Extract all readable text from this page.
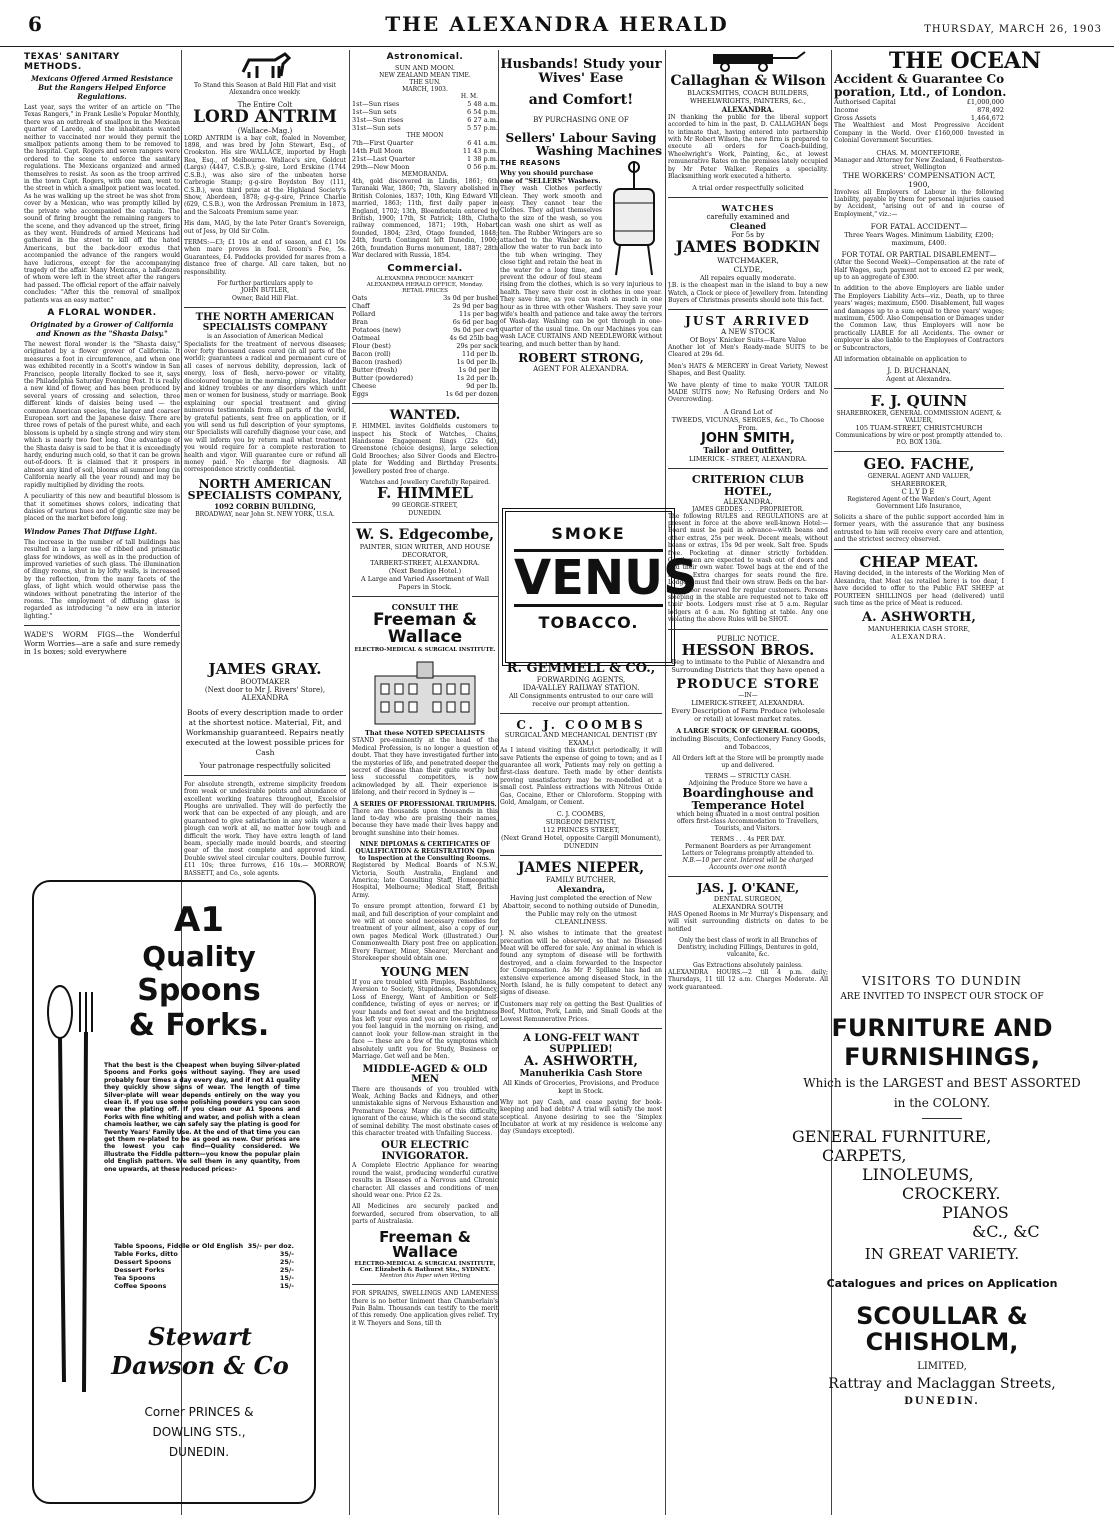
6	THE ALEXANDRA HERALD	THURSDAY, MARCH 26, 1903
TEXAS' SANITARY METHODS.
Mexicans Offered Armed Resistance But the Rangers Helped Enforce Regulations.

Last year, says the writer of an article on "The Texas Rangers," in Frank Leslie's Popular Monthly, there was an outbreak of smallpox in the Mexican quarter of Laredo, and the inhabitants wanted neither to vaccinated nor would they permit the smallpox patients among them to be removed to the hospital. Capt. Rogers and seven rangers were ordered to the scene to enforce the sanitary regulations. The Mexicans organized and armed themselves to resist. As soon as the troop arrived in the town Capt. Rogers, with one man, went to the street in which a smallpox patient was located. As he was walking up the street he was shot from cover by a Mexican, who was promptly killed by the private who accompanied the captain. The sound of firing brought the remaining rangers to the scene, and they advanced up the street, firing as they went. Hundreds of armed Mexicans had gathered in the street to kill off the hated Americans, but the back-door exodus that accompanied the advance of the rangers would have ludicrous, except for the accompanying tragedy of the affair. Many Mexicans, a half-dozen of whom were left in the street after the rangers had passed. The official report of the affair naively concludes: "After this the removal of smallpox patients was an easy matter."

A FLORAL WONDER.
Originated by a Grower of California and Known as the "Shasta Daisy."

The newest floral wonder is the "Shasta daisy," originated by a flower grower of California. It measures a foot in circumference, and when one was exhibited recently in a Scott's window in San Francisco, people literally flocked to see it, says the Philadelphia Saturday Evening Post. It is really a new kind of flower, and has been produced by several years of crossing and selection, three different kinds of daisies being used — the common American species, the larger and coarser European sort and the Japanese daisy. There are three rows of petals of the purest white, and each blossom is upheld by a single strong and wiry stem which is nearly two feet long. One advantage of the Shasta daisy is said to be that it is exceedingly hardy, enduring much cold, so that it can be grown out-of-doors. It is claimed that it prospers in almost any kind of soil, blooms all summer long (in California nearly all the year round) and may be rapidly multiplied by dividing the roots.

A peculiarity of this new and beautiful blossom is that it sometimes shows colors, indicating that daisies of various hues and of gigantic size may be placed on the market before long.

Window Panes That Diffuse Light.

The increase in the number of tall buildings has resulted in a larger use of ribbed and prismatic glass for windows, as well as in the production of improved varieties of such glass. The illumination of dingy rooms, shut in by lofty walls, is increased by the reflection, from the many facets of the glass, of light which would otherwise pass the windows without penetrating the interior of the rooms. The employment of diffusing glass is regarded as introducing "a new era in interior lighting."

WADE'S WORM FIGS—the Wonderful Worm Worries—are a safe and sure remedy in 1s boxes; sold everywhere

A1
Quality
Spoons
& Forks.

That the best is the Cheapest when buying Silver-plated Spoons and Forks goes without saying. They are used probably four times a day every day, and if not A1 quality they quickly show signs of wear. The length of time Silver-plate will wear depends entirely on the way you clean it. If you use some polishing powders you can soon wear the plating off. If you clean our A1 Spoons and Forks with fine whiting and water, and polish with a clean chamois leather, we can safely say the plating is good for Twenty Years' Family Use. At the end of that time you can get them re-plated to be as good as new. Our prices are the lowest you can find—Quality considered. We illustrate the Fiddle pattern—you know the popular plain old English pattern. We sell them in any quantity, from one upwards, at these reduced prices:-

Table Spoons, Fiddle or Old English 35/- per doz.
Table Forks, ditto	35/-
Dessert Spoons	25/-
Dessert Forks	25/-
Tea Spoons	15/-
Coffee Spoons	15/-
Stewart Dawson & Co
Corner PRINCES &
DOWLING STS.,
DUNEDIN.

To Stand this Season at Bald Hill Flat and visit Alexandra once weekly.

The Entire Colt
LORD ANTRIM
(Wallace–Mag.)

LORD ANTRIM is a bay colt, foaled in November, 1898, and was bred by John Stewart, Esq., of Crookston. His sire WALLACE, imported by Hugh Rea, Esq., of Melbourne. Wallace's sire, Goldcut (Largs) (4447, C.S.B.); g-sire, Lord Erskine (1744 C.S.B.), was also sire of the unbeaten horse Carbrogie Stamp; g-g-sire Boydston Boy (111, C.S.B.), won third prize at the Highland Society's Show, Aberdeen, 1878; g-g-g-sire, Prince Charlie (629, C.S.B.), won the Ardrossan Premium in 1873, and the Salcoats Premium same year.

His dam, MAG, by the late Peter Grant's Sovereign, out of Jess, by Old Sir Colin.

TERMS:—£3; £1 10s at end of season, and £1 10s when mare proves in foal. Groom's Fee, 5s. Guarantees, £4. Paddocks provided for mares from a distance free of charge. All care taken, but no responsibility.

For further particulars apply to
JOHN BUTLER,
Owner, Bald Hill Flat.
THE NORTH AMERICAN
SPECIALISTS COMPANY
is an Association of American Medical

Specialists for the treatment of nervous diseases; over forty thousand cases cured (in all parts of the world); guarantees a radical and permanent cure of all cases of nervous debility, depression, lack of energy, loss of flesh, nervo-power or vitality, discoloured tongue in the morning, pimples, bladder and kidney troubles or any disorders which unfit men or women for business, study or marriage. Book explaining our special treatment and giving numerous testimonials from all parts of the world, by grateful patients, sent free on application, or if you will send us full description of your symptoms, our Specialists will carefully diagnose your case, and we will inform you by return mail what treatment you would require for a complete restoration to health and vigor. Will guarantee cure or refund all money paid. No charge for diagnosis. All correspondence strictly confidential.

NORTH AMERICAN
SPECIALISTS COMPANY,
1092 CORBIN BUILDING,
BROADWAY, near John St. NEW YORK, U.S.A.
JAMES GRAY.
BOOTMAKER
(Next door to Mr J. Rivers' Store),
ALEXANDRA

Boots of every description made to order at the shortest notice. Material, Fit, and Workmanship guaranteed. Repairs neatly executed at the lowest possible prices for Cash

Your patronage respectfully solicited

For absolute strength, extreme simplicity freedom from weak or undesirable points and abundance of excellent working features throughout, Excelsior Ploughs are unrivalled. They will do perfectly the work that can be expected of any plough, and are guaranteed to give satisfaction in any soils where a plough can work at all, no matter how tough and difficult the work. They have extra length of land beam, specially made mould boards, and steering gear of the most complete and approved kind. Double swivel steel circular coulters. Double furrow, £11 10s; three furrows, £16 10s.— MORROW, BASSETT, and Co., sole agents.

Astronomical.
SUN AND MOON.
NEW ZEALAND MEAN TIME.
THE SUN.
MARCH, 1903.
H. M.
1st—Sun rises	5 48 a.m.
1st—Sun sets	6 54 p.m.
31st—Sun rises	6 27 a.m.
31st—Sun sets	5 57 p.m.
THE MOON
7th—First Quarter	6 41 a.m.
14th Full Moon	11 43 p.m.
21st—Last Quarter	1 38 p.m.
29th—New Moon	0 56 p.m.
MEMORANDA.

4th, gold discovered in Lindis, 1861; 6th Taranaki War, 1860; 7th, Slavery abolished in British Colonies, 1837; 10th, King Edward VII married, 1863; 11th, first daily paper in England, 1702; 13th, Bloemfontein entered by British, 1900; 17th, St Patrick; 18th, Clutha railway commenced, 1871; 19th, Hobart founded, 1804; 23rd, Otago founded, 1848; 24th, fourth Contingent left Dunedin, 1900; 26th, foundation Burns monument, 1887; 28th War declared with Russia, 1854.

Commercial.
ALEXANDRA PRODUCE MARKET
ALEXANDRA HERALD OFFICE, Monday.
RETAIL PRICES
Oats	3s 0d per bushel
Chaff	2s 9d per bag
Pollard	11s per bag
Bran	6s 6d per bag
Potatoes (new)	9s 0d per cwt
Oatmeal	4s 6d 25lb bag
Flour (best)	29s per sack
Bacon (roll)	11d per lb.
Bacon (rashed)	1s 0d per lb.
Butter (fresh)	1s 0d per lb
Butter (powdered)	1s 2d per lb.
Cheese	9d per lb.
Eggs	1s 6d per dozen
WANTED.

F. HIMMEL invites Goldfields customers to inspect his Stock of Watches, Chains, Handsome Engagement Rings (22s 6d), Greenstone (choice designs), large selection Gold Brooches; also Silver Goods and Electro-plate for Wedding and Birthday Presents. Jewellery posted free of charge.

Watches and Jewellery Carefully Repaired.
F. HIMMEL
99 GEORGE-STREET,
DUNEDIN.
W. S. Edgecombe,
PAINTER, SIGN WRITER, AND HOUSE DECORATOR,
TARBERT-STREET, ALEXANDRA.
(Next Bendigo Hotel.)

A Large and Varied Assortment of Wall Papers in Stock.

CONSULT THE
Freeman & Wallace
ELECTRO-MEDICAL & SURGICAL INSTITUTE.
That these NOTED SPECIALISTS

STAND pre-eminently at the head of the Medical Profession, is no longer a question of doubt. That they have investigated further into the mysteries of life, and penetrated deeper the secret of disease than their quite worthy but less successful competitors, is now acknowledged by all. Their experience is lifelong, and their record in Sydney is —

A SERIES OF PROFESSIONAL TRIUMPHS.

There are thousands upon thousands in this land to-day who are praising their names, because they have made their lives happy and brought sunshine into their homes.

NINE DIPLOMAS & CERTIFICATES OF QUALIFICATION & REGISTRATION Open to Inspection at the Consulting Rooms.

Registered by Medical Boards of N.S.W., Victoria, South Australia, England and America; late Consulting Staff, Homeopathic Hospital, Melbourne; Medical Staff, British Army.

To ensure prompt attention, forward £1 by mail, and full description of your complaint and we will at once send necessary remedies for treatment of your ailment, also a copy of our own pages Medical Work (illustrated.) Our Commonwealth Diary post free on application. Every Farmer, Miner, Shearer, Merchant and Storekeeper should obtain one.

YOUNG MEN

If you are troubled with Pimples, Bashfulness, Aversion to Society, Stupidness, Despondency, Loss of Energy, Want of Ambition or Self-confidence, twisting of eyes or nerves; or if your hands and feet sweat and the brightness has left your eyes and you are low-spirited, or you feel languid in the morning on rising, and cannot look your fellow-man straight in the face — these are a few of the symptoms which absolutely unfit you for Study, Business or Marriage. Get well and be Men.

MIDDLE-AGED & OLD MEN

There are thousands of you troubled with Weak, Aching Backs and Kidneys, and other unmistakable signs of Nervous Exhaustion and Premature Decay. Many die of this difficulty, ignorant of the cause, which is the second state of seminal debility. The most obstinate cases of this character treated with Unfailing Success.

OUR ELECTRIC INVIGORATOR.

A Complete Electric Appliance for wearing round the waist, producing wonderful curative results in Diseases of a Nervous and Chronic character. All classes and conditions of men should wear one. Price £2 2s.

All Medicines are securely packed and forwarded, secured from observation, to all parts of Australasia.

Freeman & Wallace
ELECTRO-MEDICAL & SURGICAL INSTITUTE,
Cor. Elizabeth & Bathurst Sts., SYDNEY.
Mention this Paper when Writing

FOR SPRAINS, SWELLINGS AND LAMENESS there is no better liniment than Chamberlain's Pain Balm. Thousands can testify to the merit of this remedy. One application gives relief. Try it W. Theyers and Sons, till th

Husbands! Study your Wives' Ease
and Comfort!
BY PURCHASING ONE OF
Sellers' Labour Saving
Washing Machines
THE REASONS
Why you should purchase one of "SELLERS" Washers.

They wash Clothes perfectly clean. They work smooth and easy. They cannot tear the Clothes. They adjust themselves to the size of the wash, so you can wash one shirt as well as ten. The Rubber Wringers are so attached to the Washer as to allow the water to run back into the tub when wringing. They close tight and retain the heat in the water for a long time, and prevent the odour of foul steam rising from the clothes, which is so very injurious to health. They save their cost in clothes in one year. They save time, as you can wash as much in one hour as in three with other Washers. They save your wife's health and patience and take away the terrors of Wash-day. Washing can be got through in one-quarter of the usual time. On our Machines you can wash LACE CURTAINS AND NEEDLEWORK without tearing, and much better than by hand.

ROBERT STRONG,
AGENT FOR ALEXANDRA.
SMOKE
VENUS
TOBACCO.
R. GEMMELL & CO.,
FORWARDING AGENTS,
IDA-VALLEY RAILWAY STATION.

All Consignments entrusted to our care will receive our prompt attention.

C. J. COOMBS
SURGICAL AND MECHANICAL DENTIST (BY EXAM.)

As I intend visiting this district periodically, it will save Patients the expense of going to town; and as I guarantee all work, Patients may rely on getting a first-class denture. Teeth made by other dentists proving unsatisfactory may be re-modelled at a small cost. Painless extractions with Nitrous Oxide Gas, Cocaine, Ether or Chloroform. Stopping with Gold, Amalgam, or Cement.

C. J. COOMBS,
SURGEON DENTIST,
112 PRINCES STREET,
(Next Grand Hotel, opposite Cargill Monument),
DUNEDIN
JAMES NIEPER,
FAMILY BUTCHER,
Alexandra,

Having just completed the erection of New Abattoir, second to nothing outside of Dunedin, the Public may rely on the utmost CLEANLINESS.

J. N. also wishes to intimate that the greatest precaution will be observed, so that no Diseased Meat will be offered for sale. Any animal in which is found any symptom of disease will be forthwith destroyed, and a claim forwarded to the Inspector for Compensation. As Mr P. Spillane has had an extensive experience among diseased Stock, in the North Island, he is fully competent to detect any signs of disease.

Customers may rely on getting the Best Qualities of Beef, Mutton, Pork, Lamb, and Small Goods at the Lowest Remunerative Prices.

A LONG-FELT WANT SUPPLIED!
A. ASHWORTH,
Manuherikia Cash Store

All Kinds of Groceries, Provisions, and Produce kept in Stock.

Why not pay Cash, and cease paying for book-keeping and bad debts? A trial will satisfy the most sceptical. Anyone desiring to see the 'Simplex Incubator at work at my residence is welcome any day (Sundays excepted).

Callaghan & Wilson
BLACKSMITHS, COACH BUILDERS,
WHEELWRIGHTS, PAINTERS, &c.,
ALEXANDRA.

IN thanking the public for the liberal support accorded to him in the past, D. CALLAGHAN begs to intimate that, having entered into partnership with Mr Robert Wilson, the new firm is prepared to execute all orders for Coach-building, Wheelwright's Work, Painting, &c., at lowest remunerative Rates on the premises lately occupied by Mr Peter Walker. Repairs a speciality. Blacksmithing work executed a hitherto.

A trial order respectfully solicited
WATCHES
carefully examined and
Cleaned
For 5s by
JAMES BODKIN
WATCHMAKER,
CLYDE,
All repairs equally moderate.

J.B. is the cheapest man in the island to buy a new Watch, a Clock or piece of Jewellery from. Intending Buyers of Christmas presents should note this fact.

JUST ARRIVED
A NEW STOCK
Of Boys' Knicker Suits—Rare Value

Another lot of Men's Ready-made SUITS to be Cleared at 29s 6d.

Men's HATS & MERCERY in Great Variety, Newest Shapes, and Best Quality.

We have plenty of time to make YOUR TAILOR MADE SUITS now; No Refusing Orders and No Overcrowding.

A Grand Lot of
TWEEDS, VICUNAS, SERGES, &c., To Choose From.
JOHN SMITH,
Tailor and Outfitter,
LIMERICK - STREET, ALEXANDRA.
CRITERION CLUB HOTEL,
ALEXANDRA.
JAMES GEDDES . . . . PROPRIETOR.

The following RULES and REGULATIONS are at present in force at the above well-known Hotel:— Board must be paid in advance—with beans and other extras, 25s per week. Decent meals, without beans or extras, 15s 9d per week. Salt free. Spuds free. Pocketing at dinner strictly forbidden. Gentlemen are expected to wash out of doors and find their own water. Towel bags at the end of the house. Extra charges for seats round the fire. Lodgers must find their own straw. Beds on the bar-room floor reserved for regular customers. Persons sleeping in the stable are requested not to take off their boots. Lodgers must rise at 5 a.m. Regular lodgers at 6 a.m. No fighting at table. Any one violating the above Rules will be SHOT.

PUBLIC NOTICE.
HESSON BROS.

Beg to intimate to the Public of Alexandra and Surrounding Districts that they have opened a

PRODUCE STORE
—IN—
LIMERICK-STREET, ALEXANDRA.

Every Description of Farm Produce (wholesale or retail) at lowest market rates.

A LARGE STOCK OF GENERAL GOODS,

including Biscuits, Confectionery Fancy Goods, and Tobaccos,

All Orders left at the Store will be promptly made up and delivered.

TERMS — STRICTLY CASH.
Adjoining the Produce Store we have a
Boardinghouse and
Temperance Hotel

which being situated in a most central position offers first-class Accommodation to Travellers, Tourists, and Visitors.

TERMS . . . 4s PER DAY.
Permanent Boarders as per Arrangement
Letters or Telegrams promptly attended to.

N.B.—10 per cent. Interest will be charged Accounts over one month

JAS. J. O'KANE,
DENTAL SURGEON,
ALEXANDRA SOUTH

HAS Opened Rooms in Mr Murray's Dispensary, and will visit surrounding districts on dates to be notified

Only the best class of work in all Branches of Dentistry, including Fillings, Dentures in gold, vulcanite, &c.

Gas Extractions absolutely painless.

ALEXANDRA HOURS.—2 till 4 p.m. daily; Thursdays, 11 till 12 a.m. Charges Moderate. All work guaranteed.

THE OCEAN
Accident & Guarantee Co
poration, Ltd., of London.
Authorised Capital	£1,000,000
Income	878,492
Gross Assets	1,464,672

The Wealthiest and Most Progressive Accident Company in the World. Over £160,000 Invested in Colonial Government Securities.

CHAS. M. MONTEFIORE,
Manager and Attorney for New Zealand, 6 Featherston-street, Wellington
THE WORKERS' COMPENSATION ACT, 1900,

Involves all Employers of Labour in the following Liability, payable by them for personal injuries caused by Accident, "arising out of and in course of Employment," viz.:—

FOR FATAL ACCIDENT—

Three Years Wages. Minimum Liability, £200; maximum, £400.

FOR TOTAL OR PARTIAL DISABLEMENT—

(After the Second Week)—Compensation at the rate of Half Wages, such payment not to exceed £2 per week, up to an aggregate of £300.

In addition to the above Employers are liable under The Employers Liability Acts—viz., Death, up to three years' wages; maximum, £500. Disablement, full wages and damages up to a sum equal to three years' wages; maximum, £500. Also Compensation or Damages under the Common Law, thus Employers will now be practically LIABLE for all Accidents. The owner or employer is also liable to the Employees of Contractors or Subcontractors,

All information obtainable on application to

J. D. BUCHANAN,
Agent at Alexandra.
F. J. QUINN
SHAREBROKER, GENERAL COMMISSION AGENT, & VALUER,
105 TUAM-STREET, CHRISTCHURCH
Communications by wire or post promptly attended to.
P.O. BOX 130a.
GEO. FACHE,
GENERAL AGENT AND VALUER,
SHAREBROKER,
CLYDE

Registered Agent of the Warden's Court, Agent Government Life Insurance,

Solicits a share of the public support accorded him in former years, with the assurance that any business entrusted to him will receive every care and attention, and the strictest secrecy observed.

CHEAP MEAT.

Having decided, in the interests of the Working Men of Alexandra, that Meat (as retailed here) is too dear, I have decided to offer to the Public FAT SHEEP at FOURTEEN SHILLINGS per head (delivered) until such time as the price of Meat is reduced.

A. ASHWORTH,
MANUHERIKIA CASH STORE,
ALEXANDRA.
VISITORS TO DUNDIN
ARE INVITED TO INSPECT OUR STOCK OF
FURNITURE AND
FURNISHINGS,
Which is the LARGEST and BEST ASSORTED
in the COLONY.
GENERAL FURNITURE,
CARPETS,
LINOLEUMS,
CROCKERY.
PIANOS
&C., &C
IN GREAT VARIETY.
Catalogues and prices on Application
SCOULLAR & CHISHOLM,
LIMITED,
Rattray and Maclaggan Streets,
DUNEDIN.
